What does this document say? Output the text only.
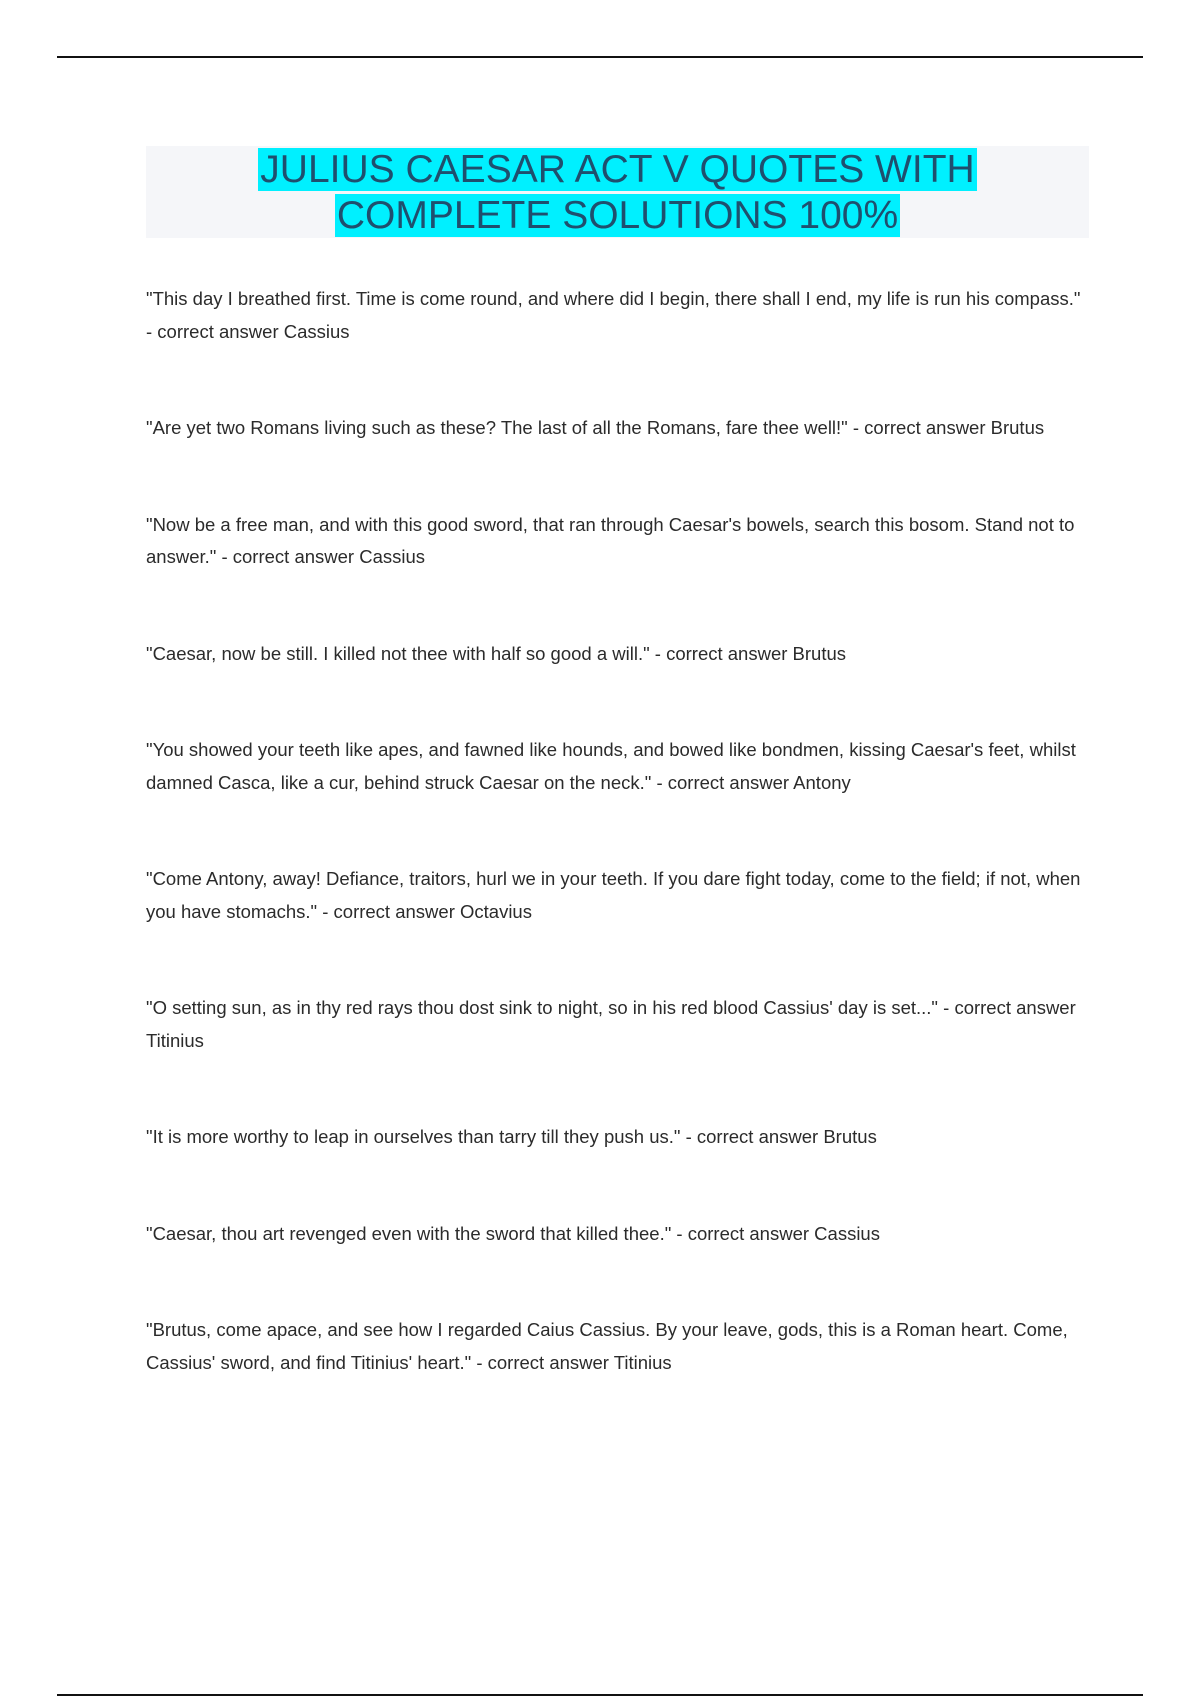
JULIUS CAESAR ACT V QUOTES WITH
COMPLETE SOLUTIONS 100%
"This day I breathed first. Time is come round, and where did I begin, there shall I end, my life is run his compass." - correct answer Cassius
"Are yet two Romans living such as these? The last of all the Romans, fare thee well!" - correct answer Brutus
"Now be a free man, and with this good sword, that ran through Caesar's bowels, search this bosom. Stand not to answer." - correct answer Cassius
"Caesar, now be still. I killed not thee with half so good a will." - correct answer Brutus
"You showed your teeth like apes, and fawned like hounds, and bowed like bondmen, kissing Caesar's feet, whilst damned Casca, like a cur, behind struck Caesar on the neck." - correct answer Antony
"Come Antony, away! Defiance, traitors, hurl we in your teeth. If you dare fight today, come to the field; if not, when you have stomachs." - correct answer Octavius
"O setting sun, as in thy red rays thou dost sink to night, so in his red blood Cassius' day is set..." - correct answer Titinius
"It is more worthy to leap in ourselves than tarry till they push us." - correct answer Brutus
"Caesar, thou art revenged even with the sword that killed thee." - correct answer Cassius
"Brutus, come apace, and see how I regarded Caius Cassius. By your leave, gods, this is a Roman heart. Come, Cassius' sword, and find Titinius' heart." - correct answer Titinius
